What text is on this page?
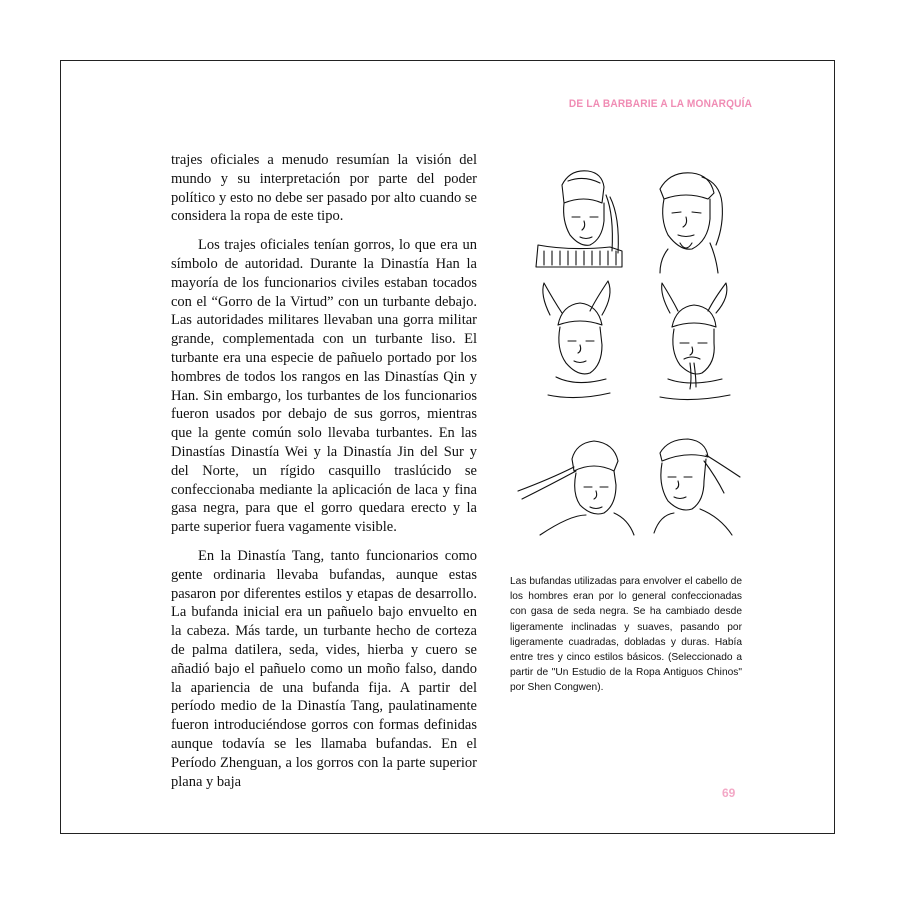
DE LA BARBARIE A LA MONARQUÍA

trajes oficiales a menudo resumían la visión del mundo y su interpretación por parte del poder político y esto no debe ser pasado por alto cuando se considera la ropa de este tipo.

Los trajes oficiales tenían gorros, lo que era un símbolo de autoridad. Durante la Dinastía Han la mayoría de los funcionarios civiles estaban tocados con el “Gorro de la Virtud” con un turbante debajo. Las autoridades militares llevaban una gorra militar grande, complementada con un turbante liso. El turbante era una especie de pañuelo portado por los hombres de todos los rangos en las Dinastías Qin y Han. Sin embargo, los turbantes de los funcionarios fueron usados por debajo de sus gorros, mientras que la gente común solo llevaba turbantes. En las Dinastías Dinastía Wei y la Dinastía Jin del Sur y del Norte, un rígido casquillo traslúcido se confeccionaba mediante la aplicación de laca y fina gasa negra, para que el gorro quedara erecto y la parte superior fuera vagamente visible.

En la Dinastía Tang, tanto funcionarios como gente ordinaria llevaba bufandas, aunque estas pasaron por diferentes estilos y etapas de desarrollo. La bufanda inicial era un pañuelo bajo envuelto en la cabeza. Más tarde, un turbante hecho de corteza de palma datilera, seda, vides, hierba y cuero se añadió bajo el pañuelo como un moño falso, dando la apariencia de una bufanda fija. A partir del período medio de la Dinastía Tang, paulatinamente fueron introduciéndose gorros con formas definidas aunque todavía se les llamaba bufandas. En el Período Zhenguan, a los gorros con la parte superior plana y baja

Las bufandas utilizadas para envolver el cabello de los hombres eran por lo general confeccionadas con gasa de seda negra. Se ha cambiado desde ligeramente inclinadas y suaves, pasando por ligeramente cuadradas, dobladas y duras. Había entre tres y cinco estilos básicos. (Seleccionado a partir de "Un Estudio de la Ropa Antiguos Chinos" por Shen Congwen).
69
